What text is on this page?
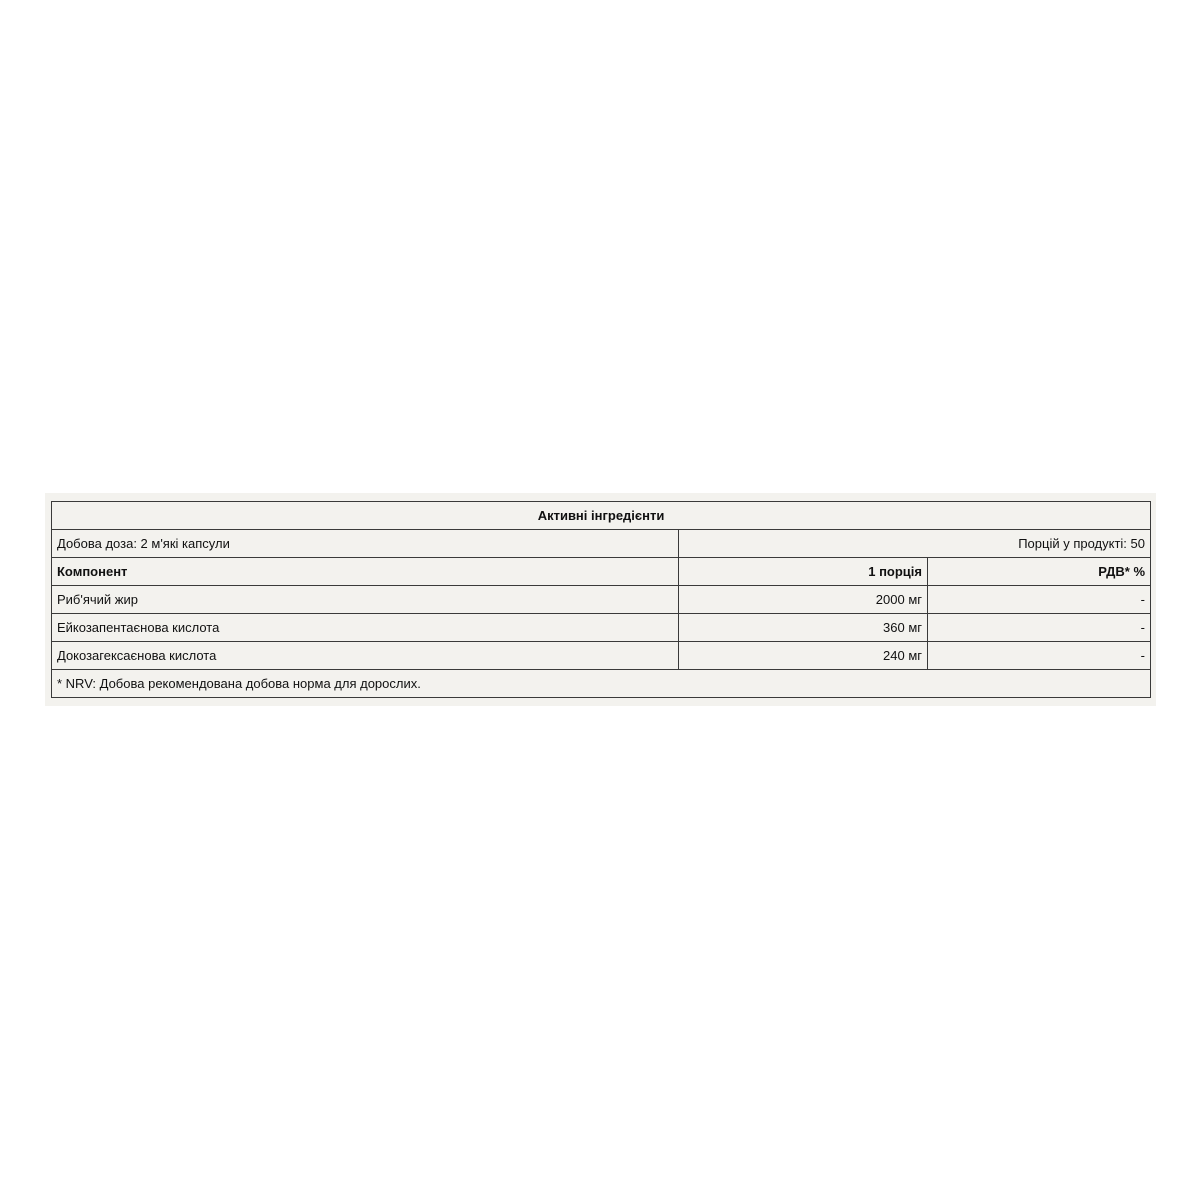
Активні інгредієнти		
Добова доза: 2 м'які капсули	Порцій у продукті: 50	
Компонент	1 порція	РДВ* %
Риб'ячий жир	2000 мг	-
Ейкозапентаєнова кислота	360 мг	-
Докозагексаєнова кислота	240 мг	-
* NRV: Добова рекомендована добова норма для дорослих.		
